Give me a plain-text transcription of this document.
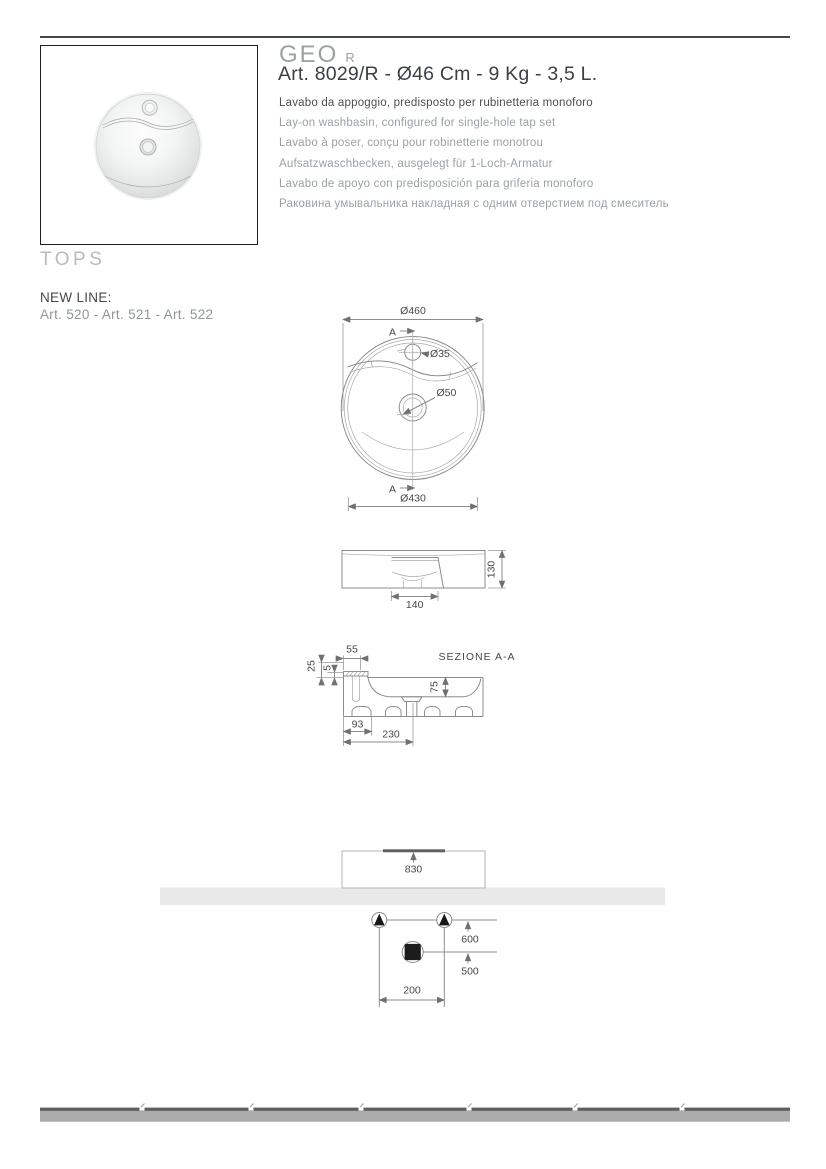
GEO R
Art. 8029/R - Ø46 Cm - 9 Kg - 3,5 L.
Lavabo da appoggio, predisposto per rubinetteria monoforo
Lay-on washbasin, configured for single-hole tap set
Lavabo à poser, conçu pour robinetterie monotrou
Aufsatzwaschbecken, ausgelegt für 1-Loch-Armatur
Lavabo de apoyo con predisposición para griferia monoforo
Раковина умывальника накладная с одним отверстием под смеситель
TOPS
NEW LINE:
Art. 520 - Art. 521 - Art. 522	Ø460
Ø35
Ø50
A
A
Ø430
130
140
SEZIONE A-A
55
25 5
75
93
230
830
600
500
200
